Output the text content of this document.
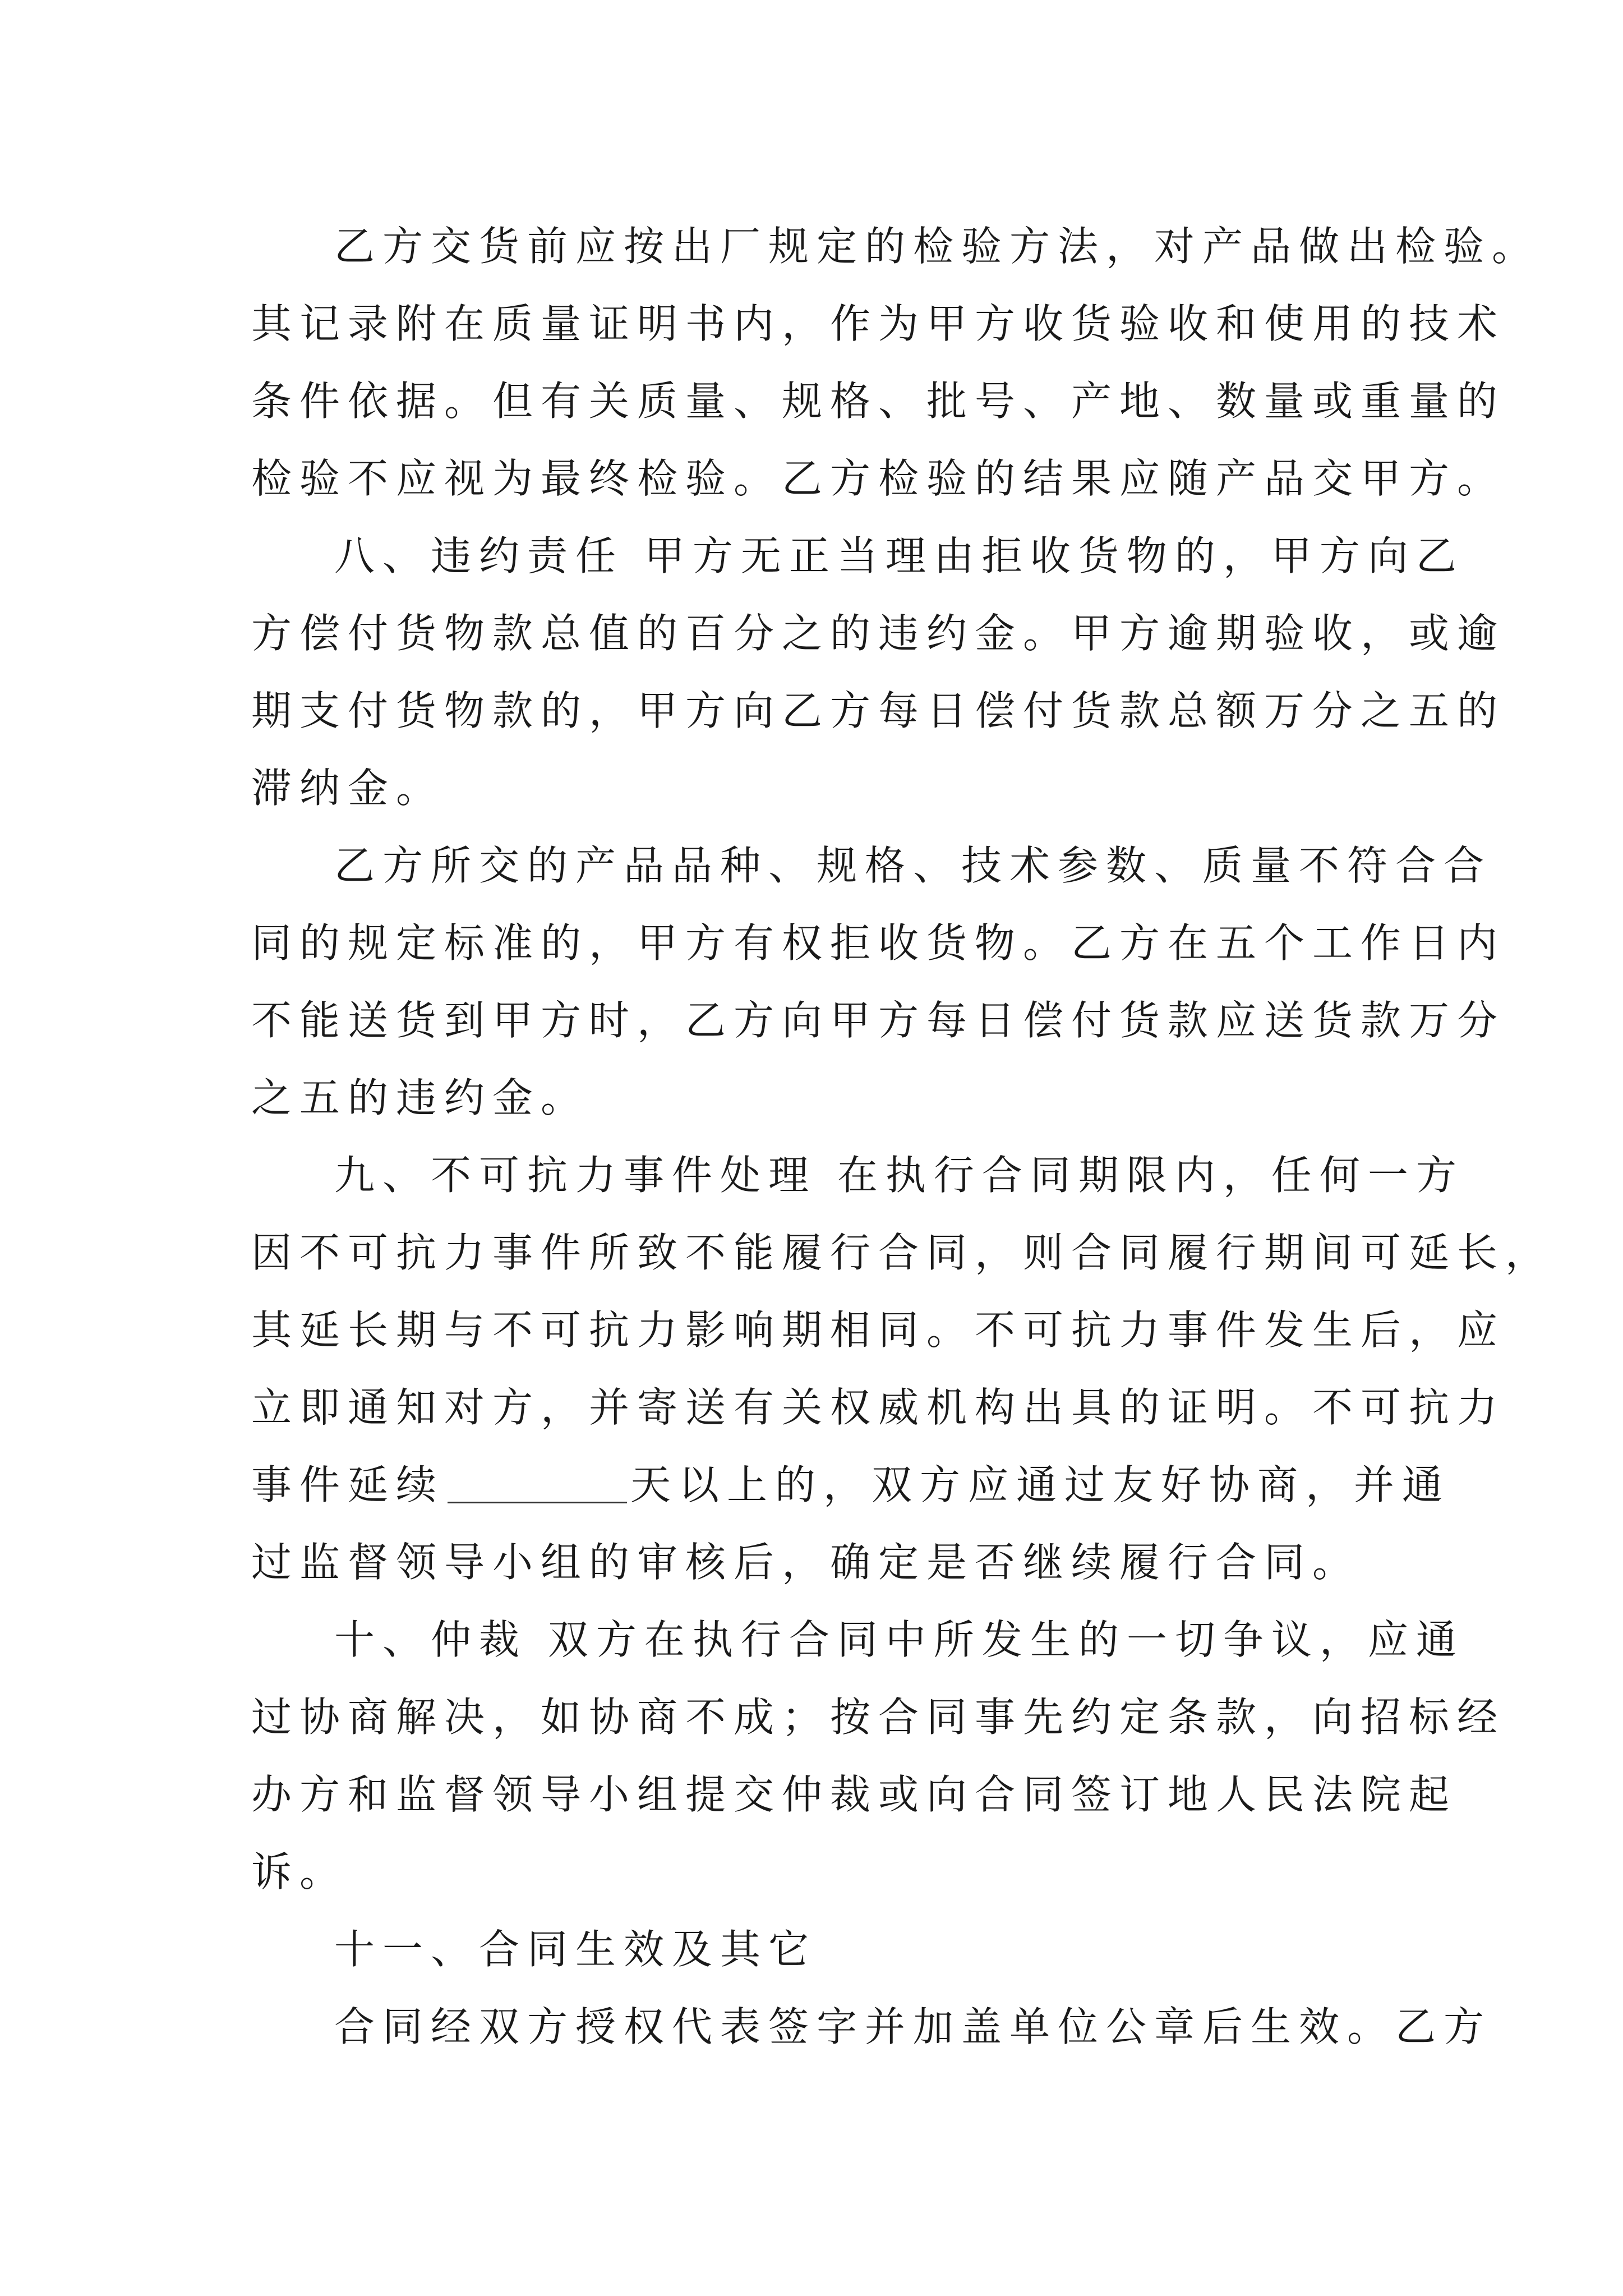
乙方交货前应按出厂规定的检验方法，对产品做出检验。
其记录附在质量证明书内，作为甲方收货验收和使用的技术
条件依据。但有关质量、规格、批号、产地、数量或重量的
检验不应视为最终检验。乙方检验的结果应随产品交甲方。
八、违约责任 甲方无正当理由拒收货物的，甲方向乙
方偿付货物款总值的百分之的违约金。甲方逾期验收，或逾
期支付货物款的，甲方向乙方每日偿付货款总额万分之五的
滞纳金。
乙方所交的产品品种、规格、技术参数、质量不符合合
同的规定标准的，甲方有权拒收货物。乙方在五个工作日内
不能送货到甲方时，乙方向甲方每日偿付货款应送货款万分
之五的违约金。
九、不可抗力事件处理 在执行合同期限内，任何一方
因不可抗力事件所致不能履行合同，则合同履行期间可延长，
其延长期与不可抗力影响期相同。不可抗力事件发生后，应
立即通知对方，并寄送有关权威机构出具的证明。不可抗力
事件延续	天以上的，双方应通过友好协商，并通
过监督领导小组的审核后，确定是否继续履行合同。
十、仲裁 双方在执行合同中所发生的一切争议，应通
过协商解决，如协商不成；按合同事先约定条款，向招标经
办方和监督领导小组提交仲裁或向合同签订地人民法院起
诉。
十一、合同生效及其它
合同经双方授权代表签字并加盖单位公章后生效。乙方
